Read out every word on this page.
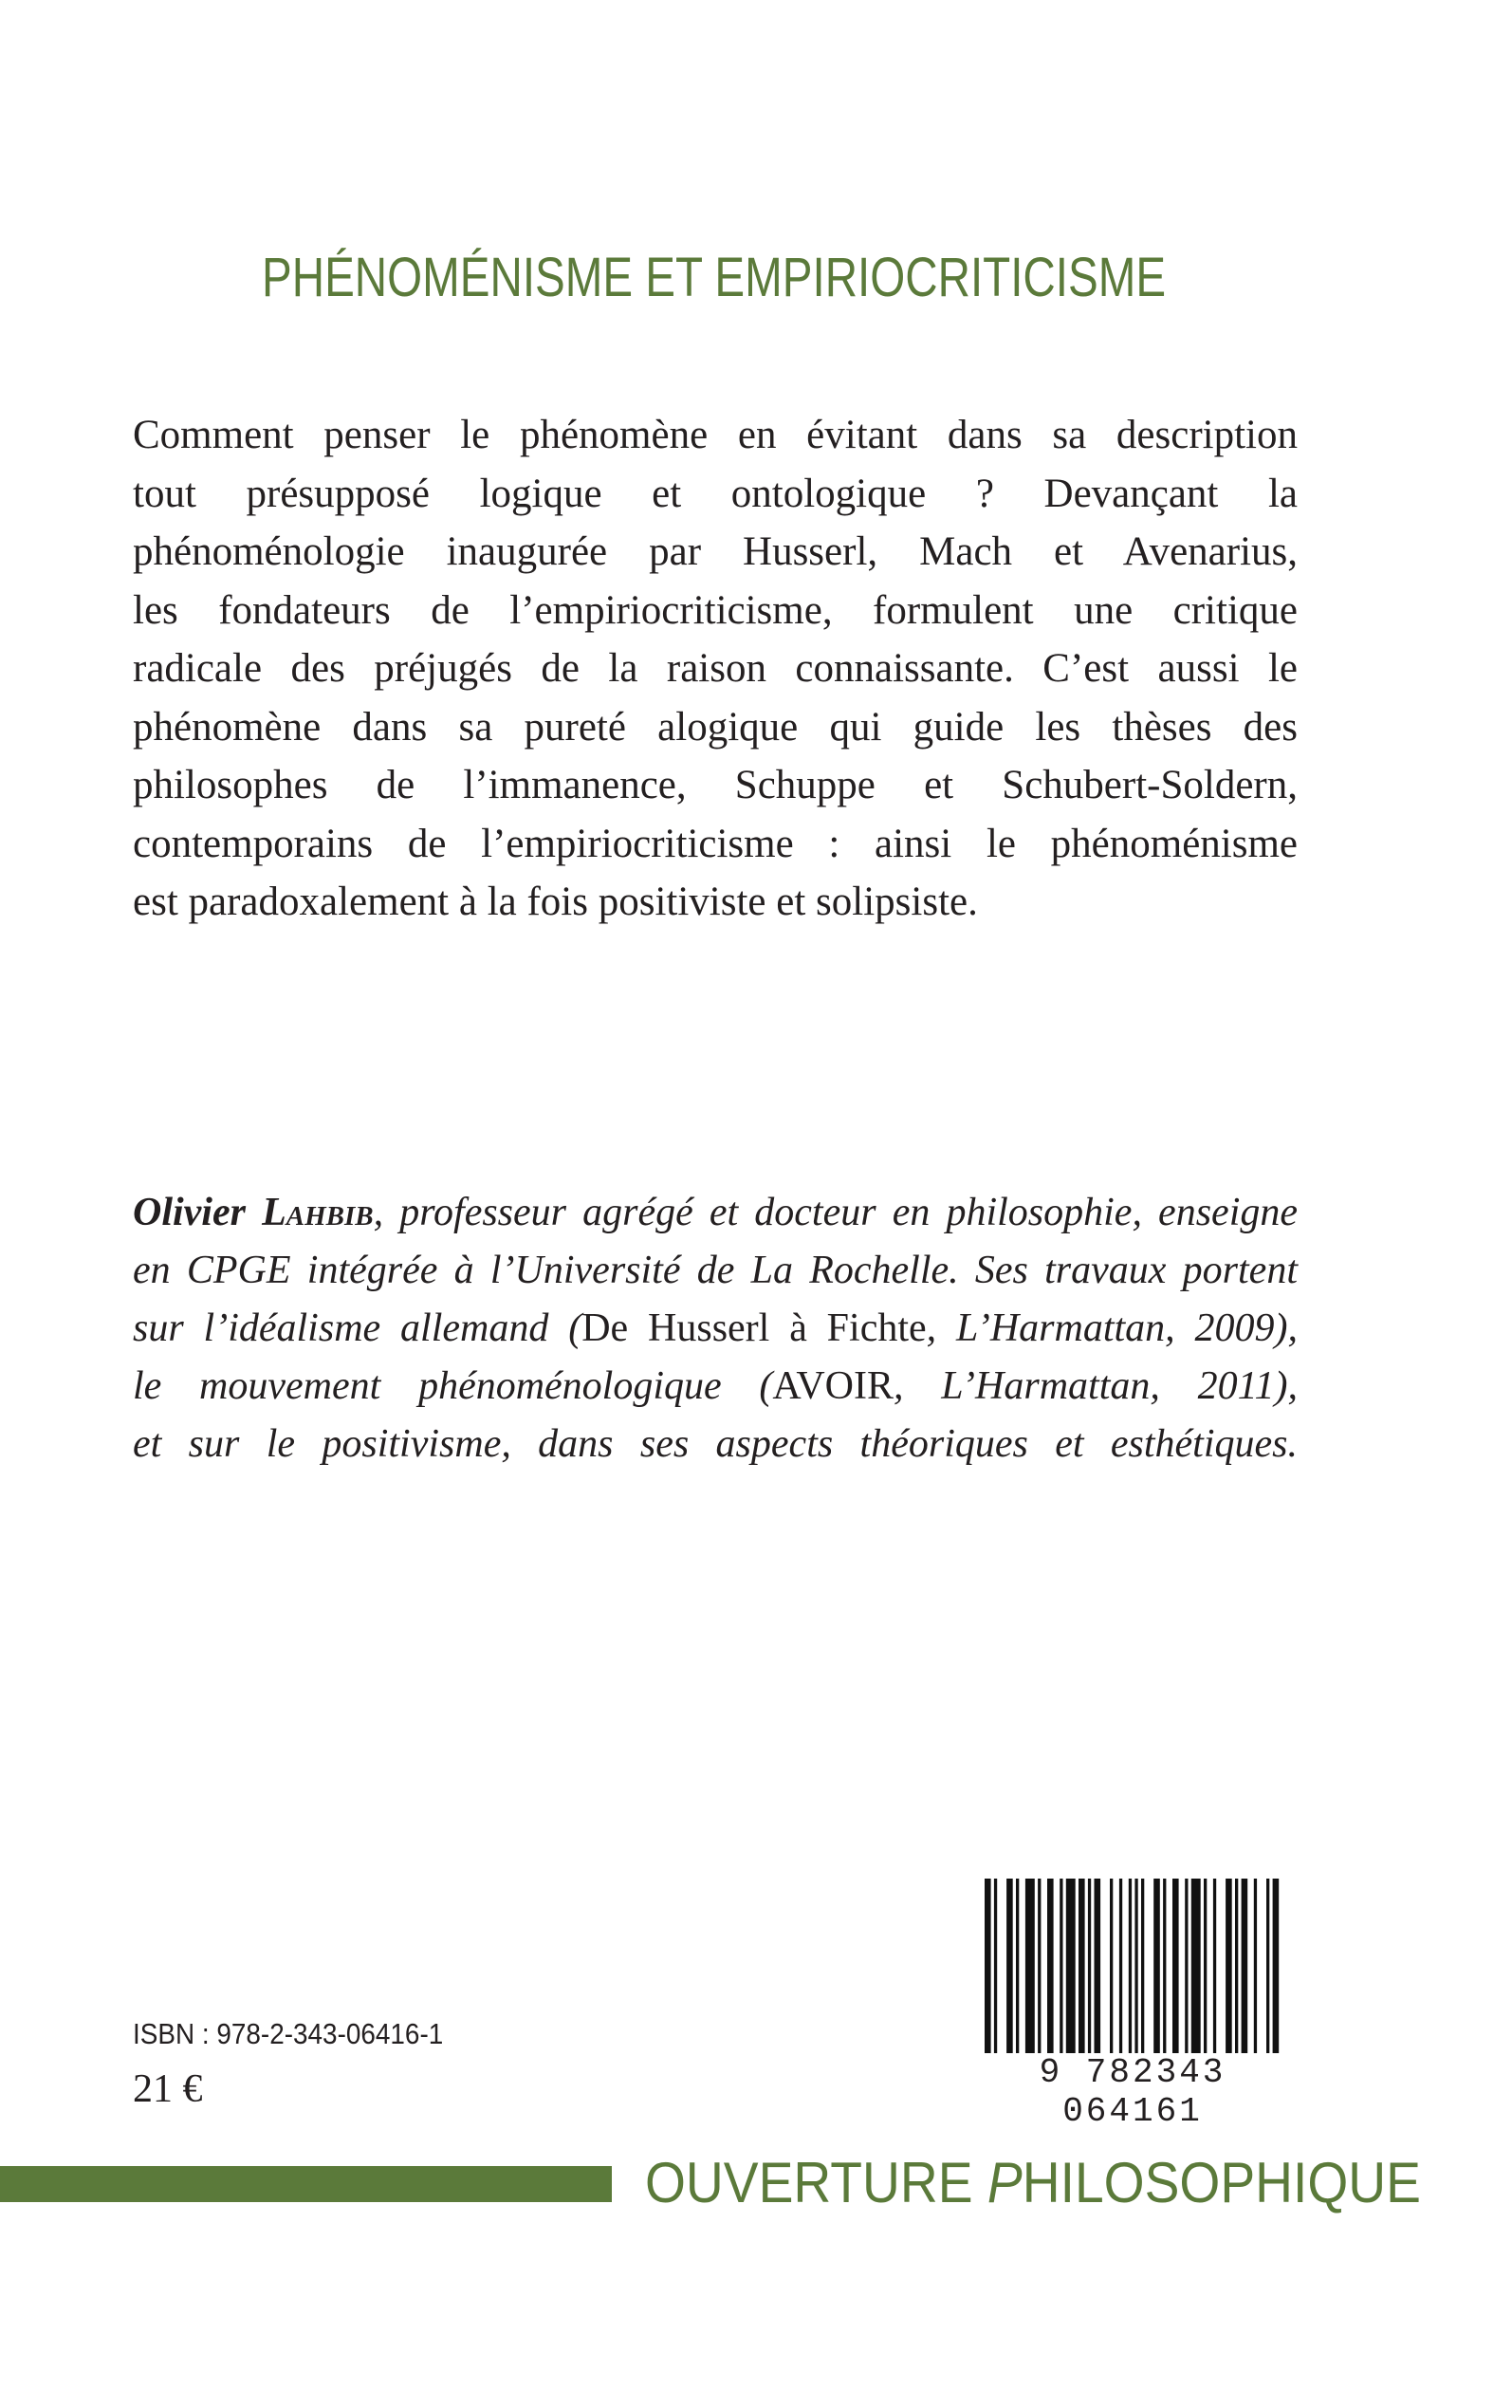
PHÉNOMÉNISME ET EMPIRIOCRITICISME
Comment penser le phénomène en évitant dans sa description
tout présupposé logique et ontologique ? Devançant la
phénoménologie inaugurée par Husserl, Mach et Avenarius,
les fondateurs de l’empiriocriticisme, formulent une critique
radicale des préjugés de la raison connaissante. C’est aussi le
phénomène dans sa pureté alogique qui guide les thèses des
philosophes de l’immanence, Schuppe et Schubert-Soldern,
contemporains de l’empiriocriticisme : ainsi le phénoménisme
est paradoxalement à la fois positiviste et solipsiste.
Olivier Lahbib, professeur agrégé et docteur en philosophie, enseigne
en CPGE intégrée à l’Université de La Rochelle. Ses travaux portent
sur l’idéalisme allemand (De Husserl à Fichte, L’Harmattan, 2009),
le mouvement phénoménologique (AVOIR, L’Harmattan, 2011),
et sur le positivisme, dans ses aspects théoriques et esthétiques.
ISBN : 978-2-343-06416-1
21 €	9 782343 064161
OUVERTURE PHILOSOPHIQUE
